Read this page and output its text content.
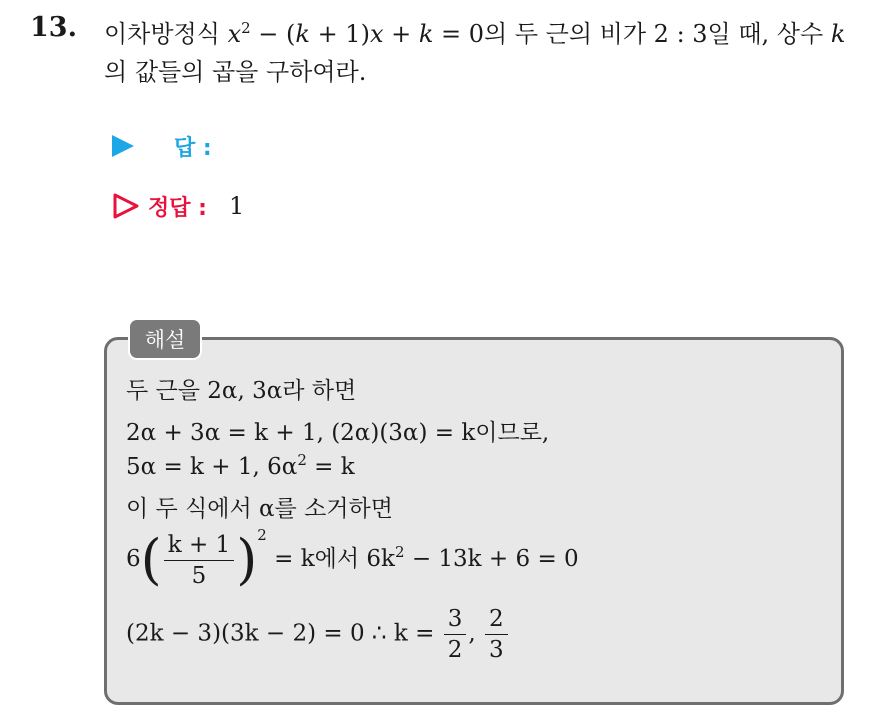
13. 이차방정식 $x^2 - (k + 1)x + k = 0$의 두 근의 비가 2 : 3일 때, 상수 k
의 값들의 곱을 구하여라.
답 :
정답 : 1
해설
두 근을 2α, 3α라 하면
2α + 3α = k + 1, (2α)(3α) = k이므로,
5α = k + 1, $6\alpha^2 = k$
이 두 식에서 α를 소거하면
$6( \frac{k + 1}{5} )^2 = k$에서 $6k^2 - 13k + 6 = 0$
(2k − 3)(3k − 2) = 0 ∴ $k = \frac{3}{2}$ , $\frac{2}{3}$
